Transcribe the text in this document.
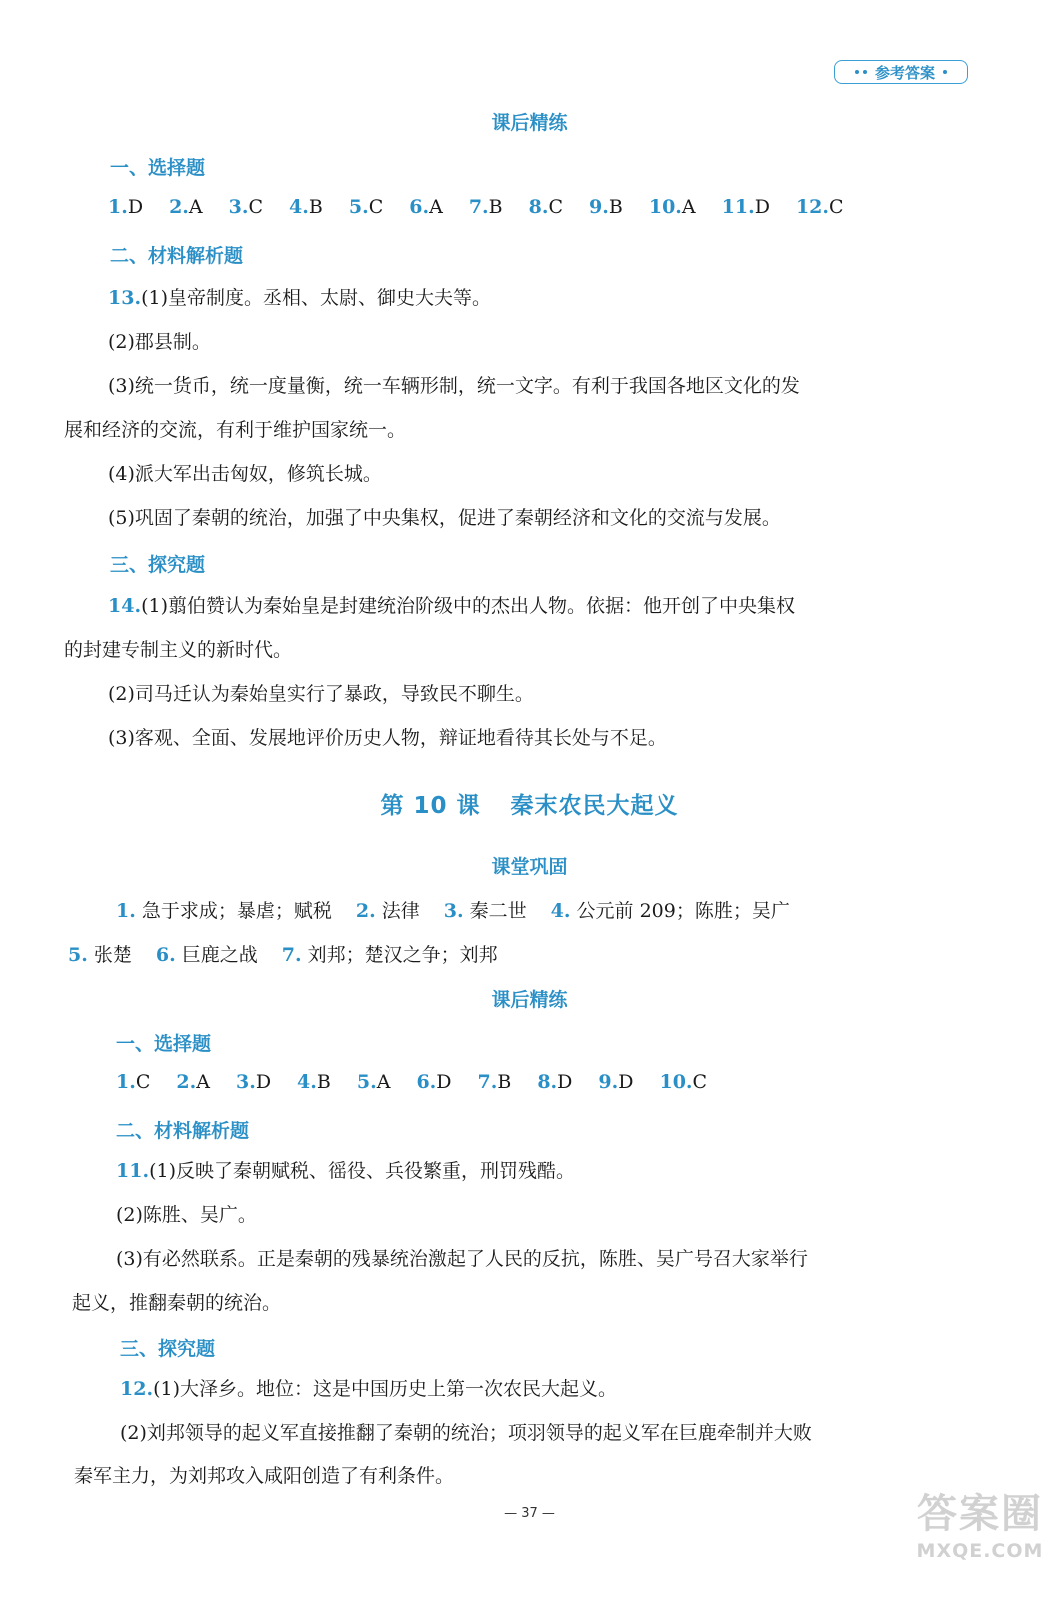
参考答案
课后精练
一、选择题
1.D 2.A 3.C 4.B 5.C 6.A 7.B 8.C 9.B 10.A 11.D 12.C
二、材料解析题
13.(1)皇帝制度。丞相、太尉、御史大夫等。
(2)郡县制。
(3)统一货币，统一度量衡，统一车辆形制，统一文字。有利于我国各地区文化的发
展和经济的交流，有利于维护国家统一。
(4)派大军出击匈奴，修筑长城。
(5)巩固了秦朝的统治，加强了中央集权，促进了秦朝经济和文化的交流与发展。
三、探究题
14.(1)翦伯赞认为秦始皇是封建统治阶级中的杰出人物。依据：他开创了中央集权
的封建专制主义的新时代。
(2)司马迁认为秦始皇实行了暴政，导致民不聊生。
(3)客观、全面、发展地评价历史人物，辩证地看待其长处与不足。
第 10 课 秦末农民大起义
课堂巩固
1. 急于求成；暴虐；赋税 2. 法律 3. 秦二世 4. 公元前 209；陈胜；吴广
5. 张楚 6. 巨鹿之战 7. 刘邦；楚汉之争；刘邦
课后精练
一、选择题
1.C 2.A 3.D 4.B 5.A 6.D 7.B 8.D 9.D 10.C
二、材料解析题
11.(1)反映了秦朝赋税、徭役、兵役繁重，刑罚残酷。
(2)陈胜、吴广。
(3)有必然联系。正是秦朝的残暴统治激起了人民的反抗，陈胜、吴广号召大家举行
起义，推翻秦朝的统治。
三、探究题
12.(1)大泽乡。地位：这是中国历史上第一次农民大起义。
(2)刘邦领导的起义军直接推翻了秦朝的统治；项羽领导的起义军在巨鹿牵制并大败
秦军主力，为刘邦攻入咸阳创造了有利条件。
— 37 —	答案圈
MXQE.COM
